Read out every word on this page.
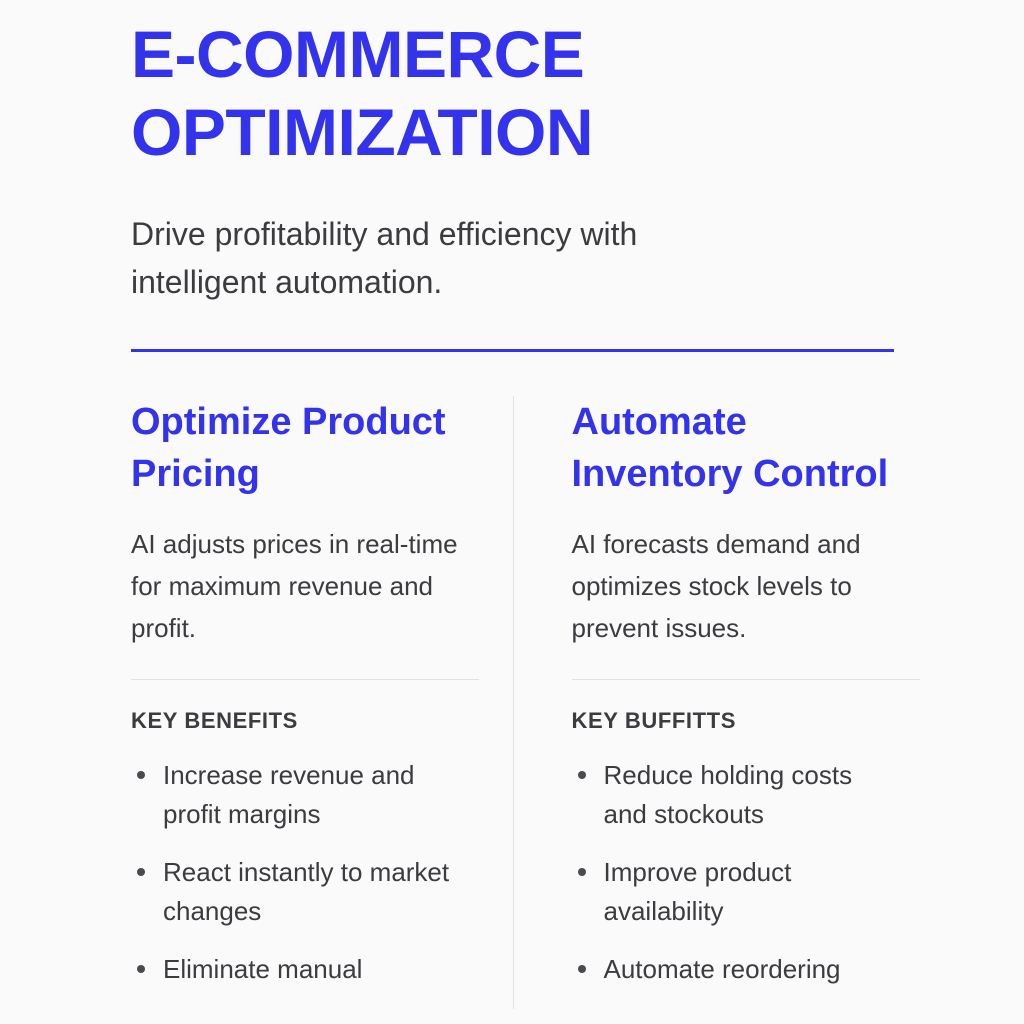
E-COMMERCE OPTIMIZATION

Drive profitability and efficiency with intelligent automation.

Optimize Product Pricing

AI adjusts prices in real-time for maximum revenue and profit.

KEY BENEFITS
Increase revenue and profit margins
React instantly to market changes
Eliminate manual
Automate Inventory Control

AI forecasts demand and optimizes stock levels to prevent issues.

KEY BUFFITTS
Reduce holding costs and stockouts
Improve product availability
Automate reordering
